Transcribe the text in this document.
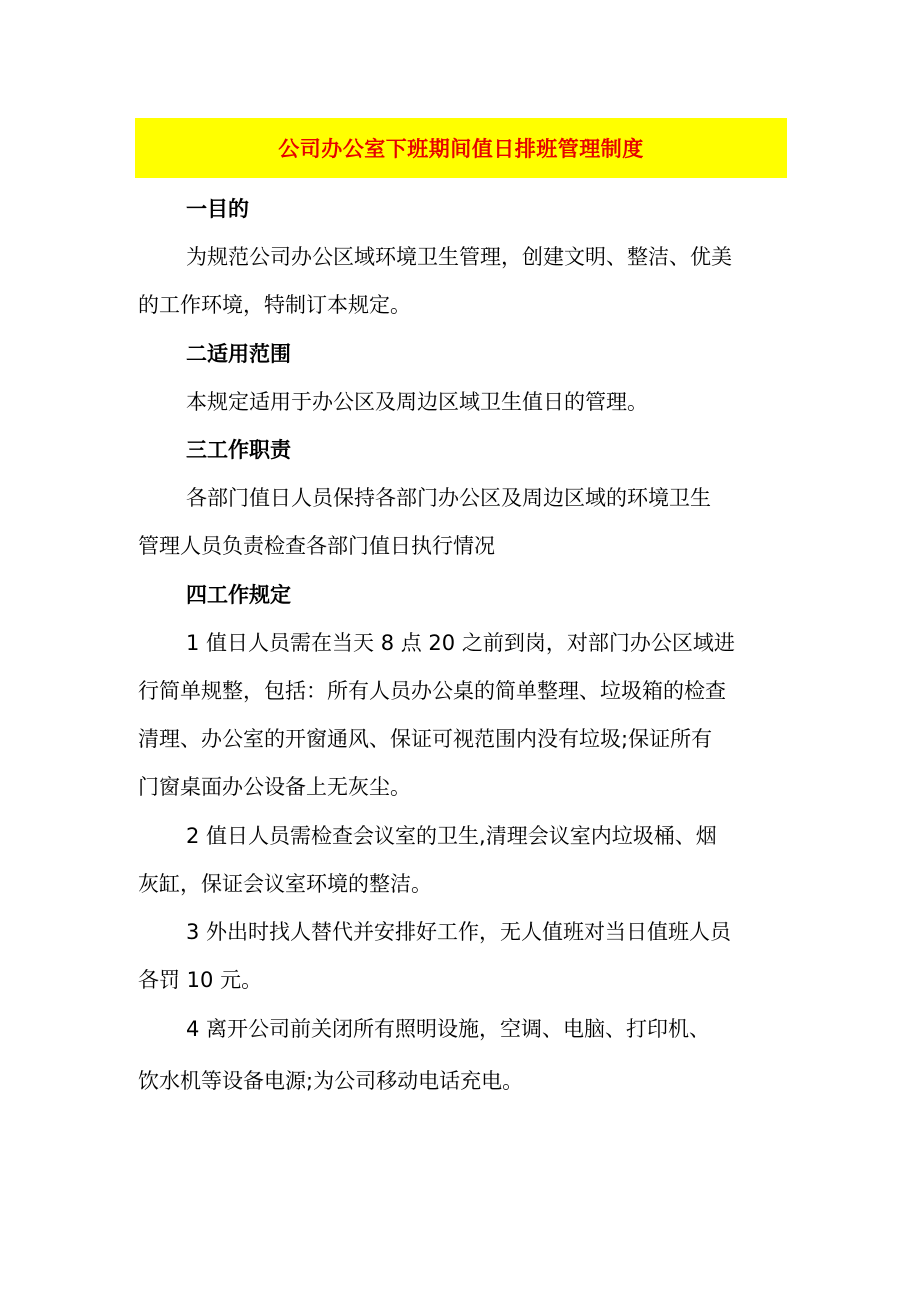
公司办公室下班期间值日排班管理制度
一目的
为规范公司办公区域环境卫生管理，创建文明、整洁、优美
的工作环境，特制订本规定。
二适用范围
本规定适用于办公区及周边区域卫生值日的管理。
三工作职责
各部门值日人员保持各部门办公区及周边区域的环境卫生
管理人员负责检查各部门值日执行情况
四工作规定
1 值日人员需在当天 8 点 20 之前到岗，对部门办公区域进
行简单规整，包括：所有人员办公桌的简单整理、垃圾箱的检查
清理、办公室的开窗通风、保证可视范围内没有垃圾;保证所有
门窗桌面办公设备上无灰尘。
2 值日人员需检查会议室的卫生,清理会议室内垃圾桶、烟
灰缸，保证会议室环境的整洁。
3 外出时找人替代并安排好工作，无人值班对当日值班人员
各罚 10 元。
4 离开公司前关闭所有照明设施，空调、电脑、打印机、
饮水机等设备电源;为公司移动电话充电。
